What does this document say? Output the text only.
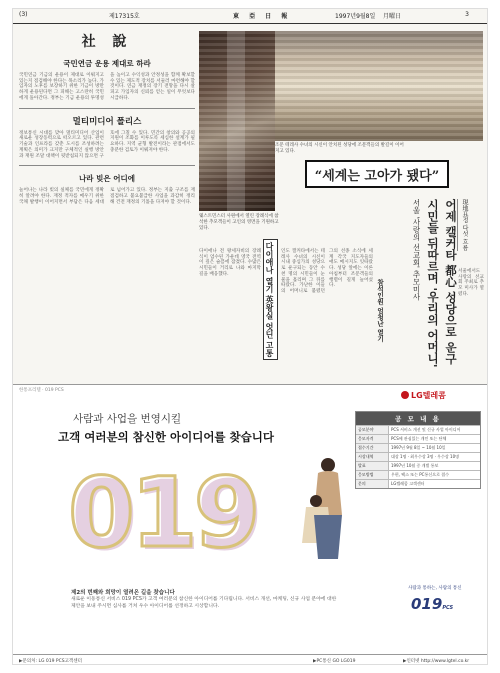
(3)	제17315호	東 亞 日 報	1997년9월8일 月曜日	3
社 說
국민연금 운용 제대로 하라
국민연금 기금의 운용이 제대로 이뤄지고 있는지 점검해야 한다는 목소리가 높다. 가입자의 노후를 보장하기 위한 기금이 방만하게 운용된다면 그 피해는 고스란히 국민에게 돌아간다. 정부는 기금 운용의 투명성을 높이고 수익성과 안정성을 함께 확보할 수 있는 제도적 장치를 서둘러 마련해야 할 것이다. 연금 재정의 장기 전망을 다시 살피고 가입자의 신뢰를 얻는 일이 무엇보다 시급하다.
멀티미디어 폴리스
정보통신 시대를 맞아 멀티미디어 산업이 새로운 성장동력으로 떠오르고 있다. 관련 기술과 인프라를 갖춘 도시를 조성하려는 계획은 의미가 크지만 구체적인 실행 방안과 재원 조달 대책이 뒷받침되지 않으면 구호에 그칠 수 있다. 민간의 창의와 공공의 지원이 조화를 이루도록 세심한 설계가 필요하다. 지역 균형 발전이라는 관점에서도 충분한 검토가 이뤄져야 한다.
나라 빚은 어디에
늘어나는 나라 빚의 실체를 국민에게 정확히 알려야 한다. 재정 적자를 메우기 위한 국채 발행이 이어지면서 부담은 다음 세대로 넘어가고 있다. 정부는 지출 구조를 재점검하고 불요불급한 사업을 과감히 정리해 건전 재정의 기틀을 다져야 할 것이다.
웨스트민스터 사원에서 열린 장례식에 참석한 추모객들이 고인의 영면을 기원하고 있다.
조문 테레사 수녀의 시신이 안치된 성당에 조문객들의 발길이 이어지고 있다.
“세계는 고아가 됐다”
現地표정 다섯 흐름
어제 캘커타 都心 성당으로 운구
시민들 뒤따르며 '우리의 어머니'
서울 '사랑의 선교회' 추모미사
다이애나 열기 英왕실 엇딘 고통	참석인원 엄청난 열기
다이애나 전 왕세자비의 장례식이 엄수된 가운데 영국 전역이 깊은 슬픔에 잠겼다. 수많은 시민들이 거리로 나와 마지막 길을 배웅했다.
인도 캘커타에서는 테레사 수녀의 시신이 시내 중심가의 성당으로 운구되는 동안 수천 명의 시민들이 눈물을 흘리며 그 뒤를 따랐다. 가난한 이들의 어머니로 불렸던 그의 선종 소식에 세계 각국 지도자들의 애도 메시지도 잇따랐다. 성당 앞에는 이른 아침부터 조문객들의 행렬이 길게 늘어섰다.
서울에서도 사랑의 선교회 주최로 추모 미사가 열렸다.
한통프리텔 · 019 PCS
LG텔레콤
사람과 사업을 번영시킬
고객 여러분의 참신한 아이디어를 찾습니다
019
제2의 번째와 희망이 열려온 길을 찾습니다
새로운 이동통신 서비스 019 PCS가 고객 여러분의 참신한 아이디어를 기다립니다. 서비스 개선, 마케팅, 신규 사업 분야에 대한 제안을 보내 주시면 심사를 거쳐 우수 아이디어를 선정하고 시상합니다.
공 모 내 용
공모분야	PCS 서비스 개선 및 신규 사업 아이디어
응모자격	PCS에 관심있는 개인 또는 단체
접수기간	1997년 9월 8일 ~ 10월 10일
시상내역	대상 1명 · 최우수상 3명 · 우수상 10명
발표	1997년 10월 중 개별 통보
응모방법	우편, 팩스 또는 PC통신으로 접수
문의	LG텔레콤 고객센터
사람과 통하는, 사람의 통신
019PCS
▶문의처: LG 019 PCS고객센터	▶PC통신 GO LG019	▶인터넷 http://www.lgtel.co.kr
